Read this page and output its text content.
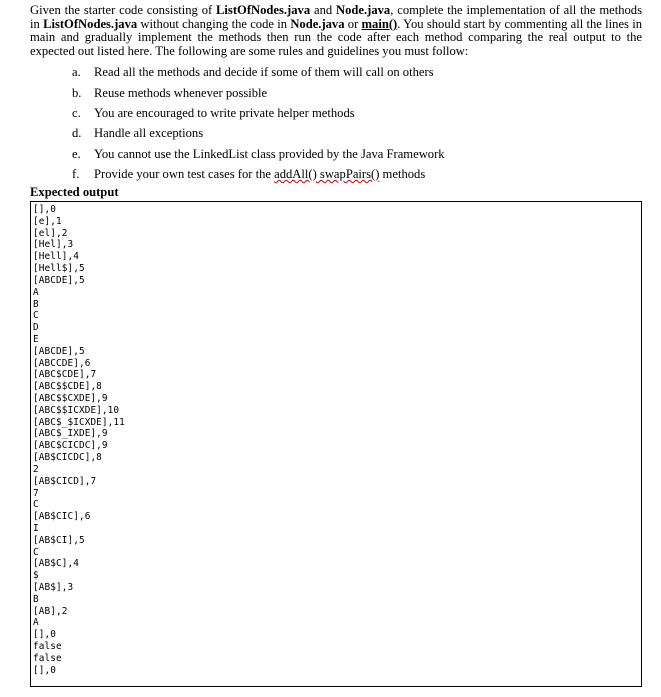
Given the starter code consisting of ListOfNodes.java and Node.java, complete the implementation of all the methods in ListOfNodes.java without changing the code in Node.java or main(). You should start by commenting all the lines in main and gradually implement the methods then run the code after each method comparing the real output to the expected out listed here. The following are some rules and guidelines you must follow:

a.	Read all the methods and decide if some of them will call on others
b. Reuse methods whenever possible
c.	You are encouraged to write private helper methods
d. Handle all exceptions
e.	You cannot use the LinkedList class provided by the Java Framework
f.	Provide your own test cases for the addAll() swapPairs() methods
Expected output
[],0
[e],1
[el],2
[Hel],3
[Hell],4
[Hell$],5
[ABCDE],5
A
B
C
D
E
[ABCDE],5
[ABCCDE],6
[ABC$CDE],7
[ABC$$CDE],8
[ABC$$CXDE],9
[ABC$$ICXDE],10
[ABC$_$ICXDE],11
[ABC$_IXDE],9
[ABC$CICDC],9
[AB$CICDC],8
2
[AB$CICD],7
7
C
[AB$CIC],6
I
[AB$CI],5
C
[AB$C],4
$
[AB$],3
B
[AB],2
A
[],0
false
false
[],0
